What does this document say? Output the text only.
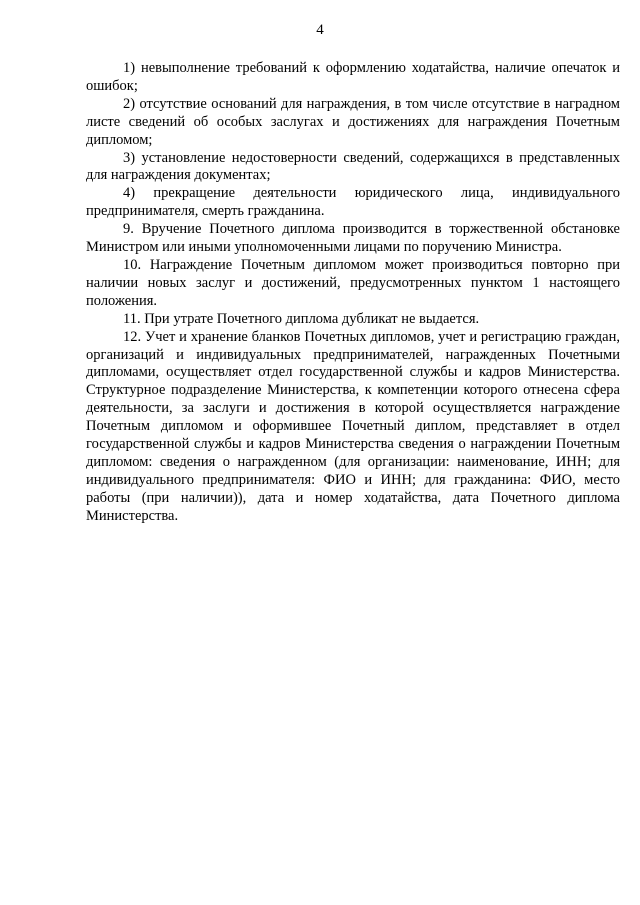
4

1) невыполнение требований к оформлению ходатайства, наличие опечаток и ошибок;

2) отсутствие оснований для награждения, в том числе отсутствие в наградном листе сведений об особых заслугах и достижениях для награждения Почетным дипломом;

3) установление недостоверности сведений, содержащихся в представленных для награждения документах;

4) прекращение деятельности юридического лица, индивидуального предпринимателя, смерть гражданина.

9. Вручение Почетного диплома производится в торжественной обстановке Министром или иными уполномоченными лицами по поручению Министра.

10. Награждение Почетным дипломом может производиться повторно при наличии новых заслуг и достижений, предусмотренных пунктом 1 настоящего положения.

11. При утрате Почетного диплома дубликат не выдается.

12. Учет и хранение бланков Почетных дипломов, учет и регистрацию граждан, организаций и индивидуальных предпринимателей, награжденных Почетными дипломами, осуществляет отдел государственной службы и кадров Министерства. Структурное подразделение Министерства, к компетенции которого отнесена сфера деятельности, за заслуги и достижения в которой осуществляется награждение Почетным дипломом и оформившее Почетный диплом, представляет в отдел государственной службы и кадров Министерства сведения о награждении Почетным дипломом: сведения о награжденном (для организации: наименование, ИНН; для индивидуального предпринимателя: ФИО и ИНН; для гражданина: ФИО, место работы (при наличии)), дата и номер ходатайства, дата Почетного диплома Министерства.
